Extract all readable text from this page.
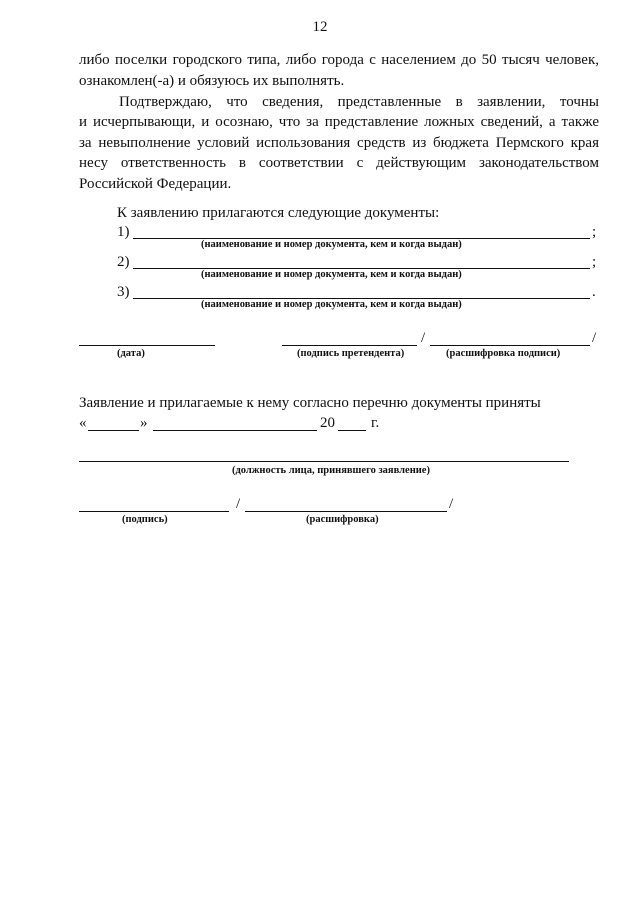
12
либо поселки городского типа, либо города с населением до 50 тысяч человек,
ознакомлен(-а) и обязуюсь их выполнять.
Подтверждаю, что сведения, представленные в заявлении, точны
и исчерпывающи, и осознаю, что за представление ложных сведений, а также
за невыполнение условий использования средств из бюджета Пермского края
несу ответственность в соответствии с действующим законодательством
Российской Федерации.
К заявлению прилагаются следующие документы:
1)	;
(наименование и номер документа, кем и когда выдан)
2)	;
(наименование и номер документа, кем и когда выдан)
3)	.
(наименование и номер документа, кем и когда выдан)
/	/
(дата)	(подпись претендента)	(расшифровка подписи)
Заявление и прилагаемые к нему согласно перечню документы приняты
«	»	20 г.
(должность лица, принявшего заявление)
/	/
(подпись)	(расшифровка)
